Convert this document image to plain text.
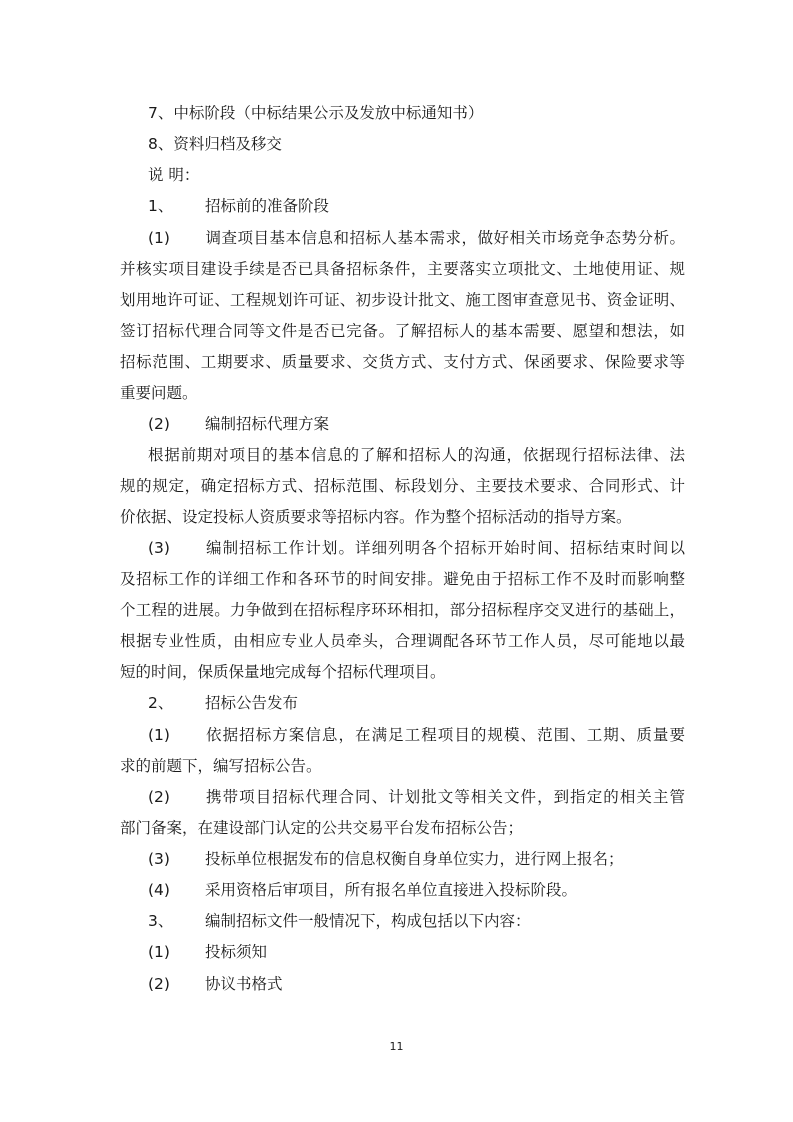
7、中标阶段（中标结果公示及发放中标通知书）
8、资料归档及移交
说 明：
1、 招标前的准备阶段
(1) 调查项目基本信息和招标人基本需求，做好相关市场竞争态势分析。
并核实项目建设手续是否已具备招标条件，主要落实立项批文、土地使用证、规
划用地许可证、工程规划许可证、初步设计批文、施工图审查意见书、资金证明、
签订招标代理合同等文件是否已完备。了解招标人的基本需要、愿望和想法，如
招标范围、工期要求、质量要求、交货方式、支付方式、保函要求、保险要求等
重要问题。
(2) 编制招标代理方案
根据前期对项目的基本信息的了解和招标人的沟通，依据现行招标法律、法
规的规定，确定招标方式、招标范围、标段划分、主要技术要求、合同形式、计
价依据、设定投标人资质要求等招标内容。作为整个招标活动的指导方案。
(3) 编制招标工作计划。详细列明各个招标开始时间、招标结束时间以
及招标工作的详细工作和各环节的时间安排。避免由于招标工作不及时而影响整
个工程的进展。力争做到在招标程序环环相扣，部分招标程序交叉进行的基础上，
根据专业性质，由相应专业人员牵头，合理调配各环节工作人员，尽可能地以最
短的时间，保质保量地完成每个招标代理项目。
2、 招标公告发布
(1) 依据招标方案信息，在满足工程项目的规模、范围、工期、质量要
求的前题下，编写招标公告。
(2) 携带项目招标代理合同、计划批文等相关文件，到指定的相关主管
部门备案，在建设部门认定的公共交易平台发布招标公告；
(3) 投标单位根据发布的信息权衡自身单位实力，进行网上报名；
(4) 采用资格后审项目，所有报名单位直接进入投标阶段。
3、 编制招标文件一般情况下，构成包括以下内容：
(1) 投标须知
(2) 协议书格式
11
